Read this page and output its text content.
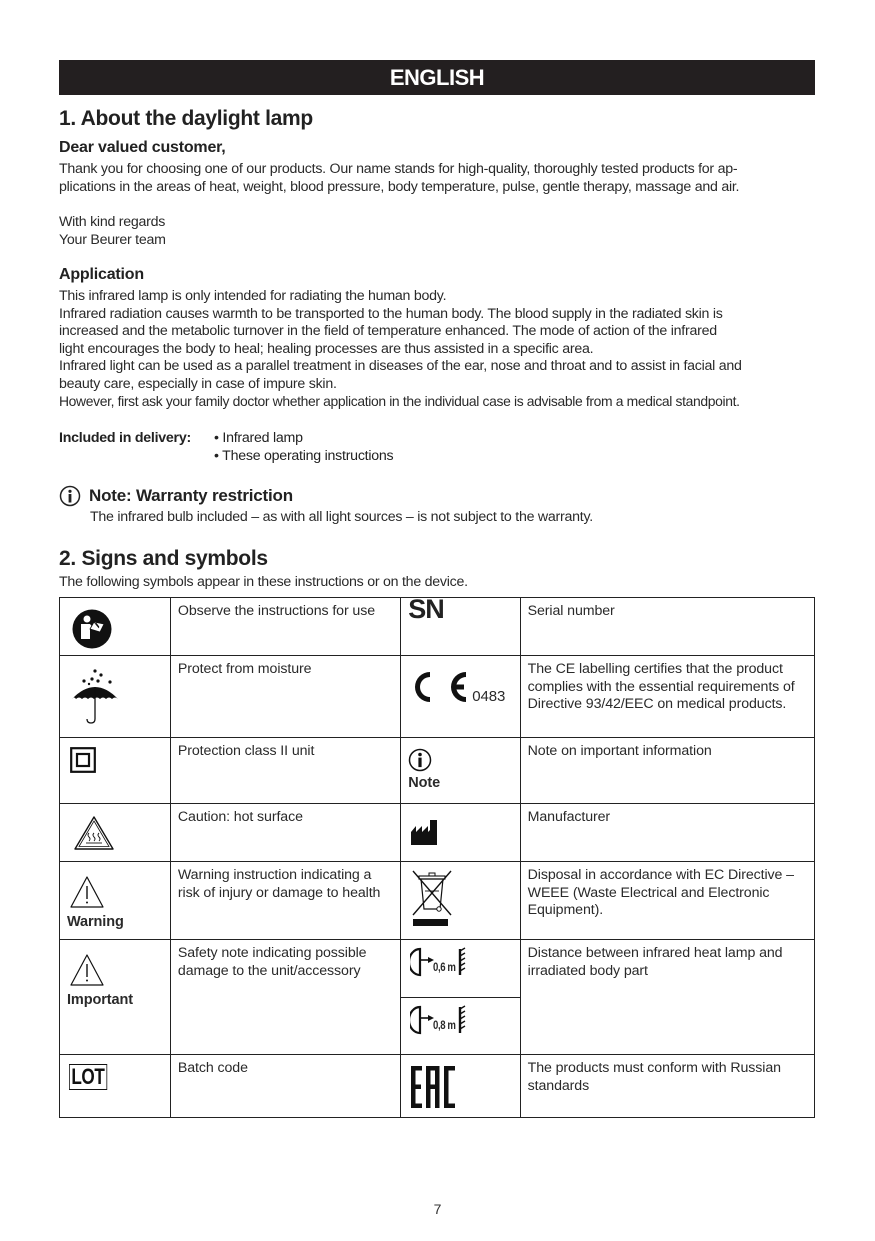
ENGLISH
1. About the daylight lamp
Dear valued customer,
Thank you for choosing one of our products. Our name stands for high-quality, thoroughly tested products for ap-
plications in the areas of heat, weight, blood pressure, body temperature, pulse, gentle therapy, massage and air.
With kind regards
Your Beurer team
Application
This infrared lamp is only intended for radiating the human body.
Infrared radiation causes warmth to be transported to the human body. The blood supply in the radiated skin is
increased and the metabolic turnover in the field of temperature enhanced. The mode of action of the infrared
light encourages the body to heal; healing processes are thus assisted in a specific area.
Infrared light can be used as a parallel treatment in diseases of the ear, nose and throat and to assist in facial and
beauty care, especially in case of impure skin.
However, first ask your family doctor whether application in the individual case is advisable from a medical standpoint.
Included in delivery:	• Infrared lamp
• These operating instructions
Note: Warranty restriction
The infrared bulb included – as with all light sources – is not subject to the warranty.
2. Signs and symbols
The following symbols appear in these instructions or on the device.
	Observe the instructions for use	SN	Serial number

	Protect from moisture	0483	The CE labelling certifies that the product complies with the essential requirements of Directive 93/42/EEC on medical products.

	Protection class II unit	Note	Note on important information

	Caution: hot surface		Manufacturer

Warning	Warning instruction indicating a risk of injury or damage to health		Disposal in accordance with EC Directive – WEEE (Waste Electrical and Electronic Equipment).

Important	Safety note indicating possible damage to the unit/accessory	0,6 m	Distance between infrared heat lamp and irradiated body part

		0,8 m	

LOT	Batch code		The products must conform with Russian standards
7
